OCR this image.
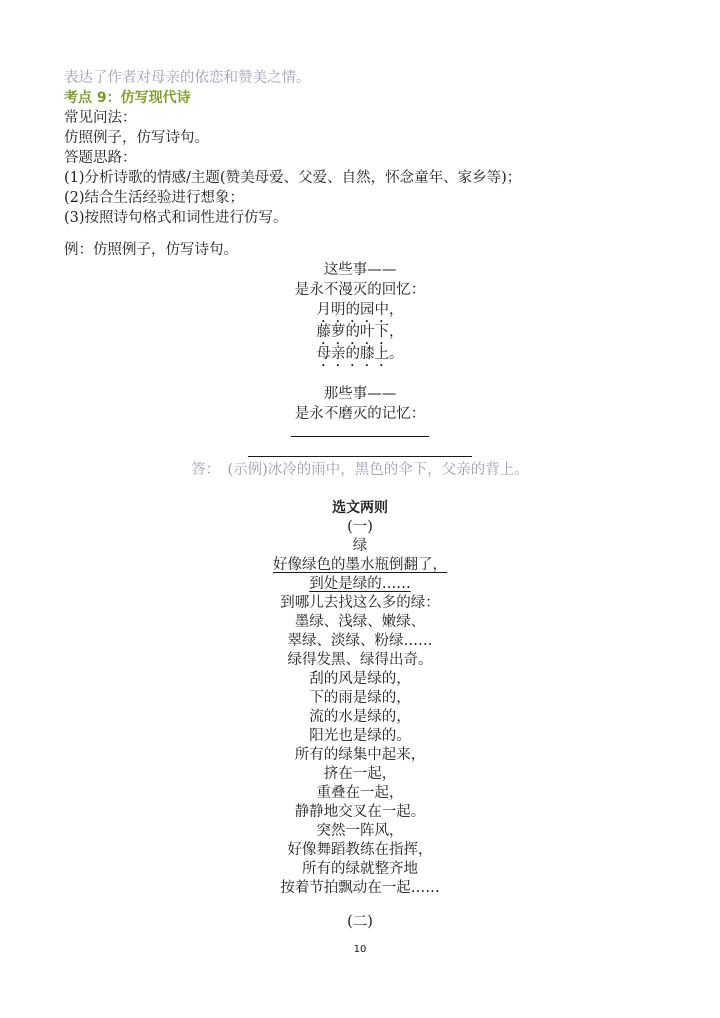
表达了作者对母亲的依恋和赞美之情。
考点 9：仿写现代诗
常见问法：
仿照例子，仿写诗句。
答题思路：
(1)分析诗歌的情感/主题(赞美母爱、父爱、自然，怀念童年、家乡等)；
(2)结合生活经验进行想象；
(3)按照诗句格式和词性进行仿写。
例：仿照例子，仿写诗句。
这些事——
是永不漫灭的回忆：
月明的园中，
藤萝的叶下，
母亲的膝上。
那些事——
是永不磨灭的记忆：
答：　(示例)冰冷的雨中，黑色的伞下，父亲的背上。
选文两则
(一)
绿
好像绿色的墨水瓶倒翻了，
到处是绿的……
到哪儿去找这么多的绿：
墨绿、浅绿、嫩绿、
翠绿、淡绿、粉绿……
绿得发黑、绿得出奇。
刮的风是绿的，
下的雨是绿的，
流的水是绿的，
阳光也是绿的。
所有的绿集中起来，
挤在一起，
重叠在一起，
静静地交叉在一起。
突然一阵风，
好像舞蹈教练在指挥，
所有的绿就整齐地
按着节拍飘动在一起……
(二)
10
